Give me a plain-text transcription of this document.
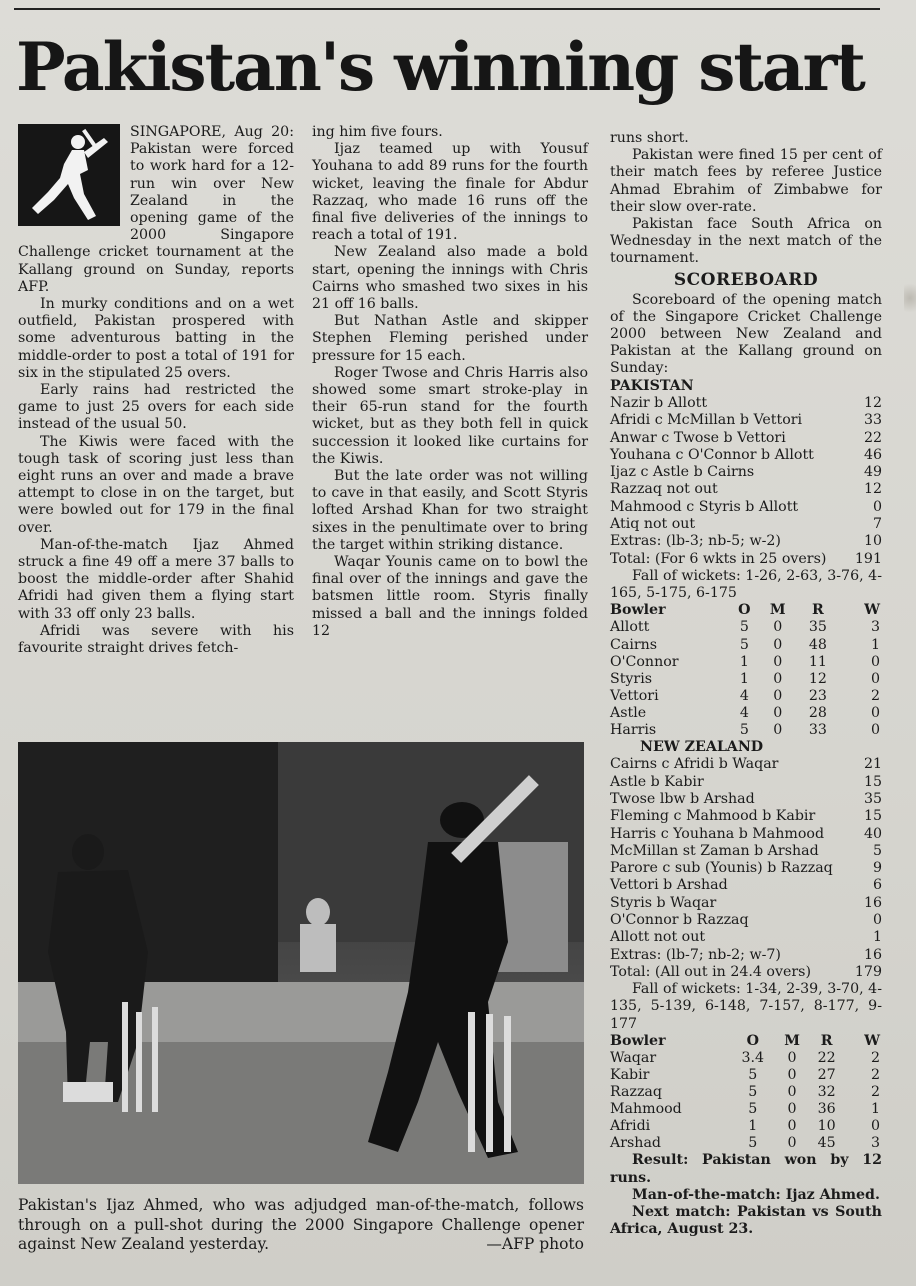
Pakistan's winning start

SINGAPORE, Aug 20: Pakistan were forced to work hard for a 12-run win over New Zealand in the opening game of the 2000 Singapore Challenge cricket tournament at the Kallang ground on Sunday, reports AFP.

In murky conditions and on a wet outfield, Pakistan prospered with some adventurous batting in the middle-order to post a total of 191 for six in the stipulated 25 overs.

Early rains had restricted the game to just 25 overs for each side instead of the usual 50.

The Kiwis were faced with the tough task of scoring just less than eight runs an over and made a brave attempt to close in on the target, but were bowled out for 179 in the final over.

Man-of-the-match Ijaz Ahmed struck a fine 49 off a mere 37 balls to boost the middle-order after Shahid Afridi had given them a flying start with 33 off only 23 balls.

Afridi was severe with his favourite straight drives fetch-

ing him five fours.

Ijaz teamed up with Yousuf Youhana to add 89 runs for the fourth wicket, leaving the finale for Abdur Razzaq, who made 16 runs off the final five deliveries of the innings to reach a total of 191.

New Zealand also made a bold start, opening the innings with Chris Cairns who smashed two sixes in his 21 off 16 balls.

But Nathan Astle and skipper Stephen Fleming perished under pressure for 15 each.

Roger Twose and Chris Harris also showed some smart stroke-play in their 65-run stand for the fourth wicket, but as they both fell in quick succession it looked like curtains for the Kiwis.

But the late order was not willing to cave in that easily, and Scott Styris lofted Arshad Khan for two straight sixes in the penultimate over to bring the target within striking distance.

Waqar Younis came on to bowl the final over of the innings and gave the batsmen little room. Styris finally missed a ball and the innings folded 12

runs short.

Pakistan were fined 15 per cent of their match fees by referee Justice Ahmad Ebrahim of Zimbabwe for their slow over-rate.

Pakistan face South Africa on Wednesday in the next match of the tournament.

SCOREBOARD

Scoreboard of the opening match of the Singapore Cricket Challenge 2000 between New Zealand and Pakistan at the Kallang ground on Sunday:

PAKISTAN
Nazir b Allott	12
Afridi c McMillan b Vettori	33
Anwar c Twose b Vettori	22
Youhana c O'Connor b Allott	46
Ijaz c Astle b Cairns	49
Razzaq not out	12
Mahmood c Styris b Allott	0
Atiq not out	7
Extras: (lb-3; nb-5; w-2)	10
Total: (For 6 wkts in 25 overs) 191
Fall of wickets: 1-26, 2-63, 3-76, 4-165, 5-175, 6-175
Bowler	O	M	R	W
Allott	5	0	35	3
Cairns	5	0	48	1
O'Connor	1	0	11	0
Styris	1	0	12	0
Vettori	4	0	23	2
Astle	4	0	28	0
Harris	5	0	33	0
NEW ZEALAND
Cairns c Afridi b Waqar	21
Astle b Kabir	15
Twose lbw b Arshad	35
Fleming c Mahmood b Kabir	15
Harris c Youhana b Mahmood	40
McMillan st Zaman b Arshad	5
Parore c sub (Younis) b Razzaq	9
Vettori b Arshad	6
Styris b Waqar	16
O'Connor b Razzaq	0
Allott not out	1
Extras: (lb-7; nb-2; w-7)	16
Total: (All out in 24.4 overs)	179
Fall of wickets: 1-34, 2-39, 3-70, 4-135, 5-139, 6-148, 7-157, 8-177, 9-177
Bowler	O	M	R	W
Waqar	3.4	0	22	2
Kabir	5	0	27	2
Razzaq	5	0	32	2
Mahmood	5	0	36	1
Afridi	1	0	10	0
Arshad	5	0	45	3
Result: Pakistan won by 12 runs.
Man-of-the-match: Ijaz Ahmed.
Next match: Pakistan vs South Africa, August 23.
Pakistan's Ijaz Ahmed, who was adjudged man-of-the-match, follows through on a pull-shot during the 2000 Singapore Challenge opener against New Zealand yesterday.	—AFP photo
